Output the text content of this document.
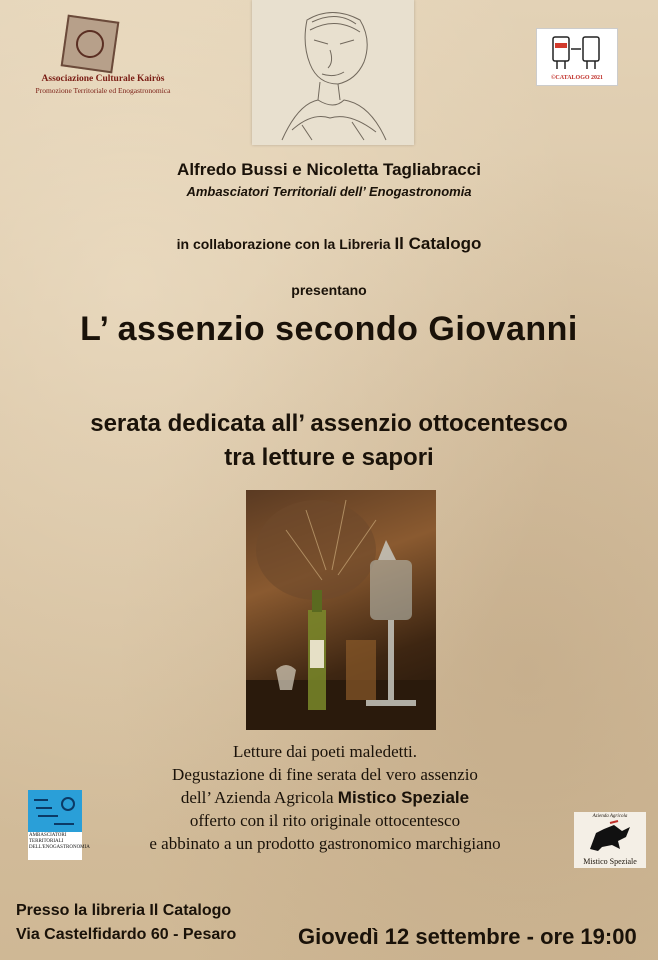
Associazione Culturale Kairòs
Promozione Territoriale ed Enogastronomica
©CATALOGO 2021
Alfredo Bussi e Nicoletta Tagliabracci
Ambasciatori Territoriali dell’ Enogastronomia
in collaborazione con la Libreria Il Catalogo
presentano
L’ assenzio secondo Giovanni
serata dedicata all’ assenzio ottocentesco
tra letture e sapori
Letture dai poeti maledetti.
Degustazione di fine serata del vero assenzio
dell’ Azienda Agricola Mistico Speziale
offerto con il rito originale ottocentesco
e abbinato a un prodotto gastronomico marchigiano
AMBASCIATORI TERRITORIALI DELL'ENOGASTRONOMIA
Azienda Agricola
Mistico Speziale
Presso la libreria Il Catalogo
Via Castelfidardo 60 - Pesaro	Giovedì 12 settembre - ore 19:00
